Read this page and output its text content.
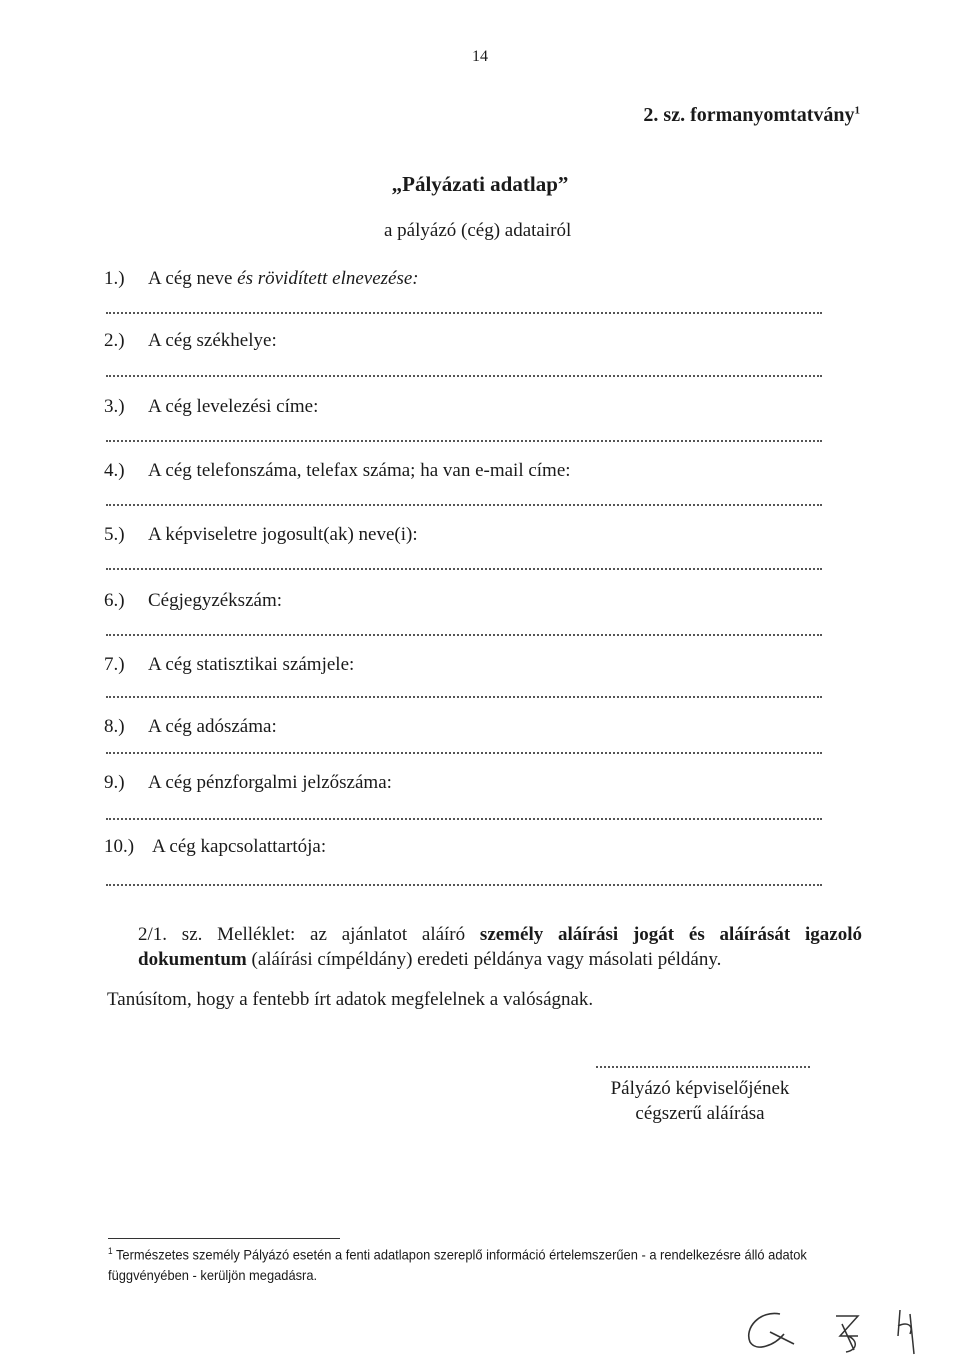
14
2. sz. formanyomtatvány$^1$
„Pályázati adatlap”
a pályázó (cég) adatairól
1.) A cég neve és rövidített elnevezése:
2.) A cég székhelye:
3.) A cég levelezési címe:
4.) A cég telefonszáma, telefax száma; ha van e-mail címe:
5.) A képviseletre jogosult(ak) neve(i):
6.) Cégjegyzékszám:
7.) A cég statisztikai számjele:
8.) A cég adószáma:
9.) A cég pénzforgalmi jelzőszáma:
10.) A cég kapcsolattartója:
2/1. sz. Melléklet: az ajánlatot aláíró személy aláírási jogát és aláírását igazoló dokumentum (aláírási címpéldány) eredeti példánya vagy másolati példány.
Tanúsítom, hogy a fentebb írt adatok megfelelnek a valóságnak.
Pályázó képviselőjének
cégszerű aláírása
$^1$ Természetes személy Pályázó esetén a fenti adatlapon szereplő információ értelemszerűen - a rendelkezésre álló adatok függvényében - kerüljön megadásra.
